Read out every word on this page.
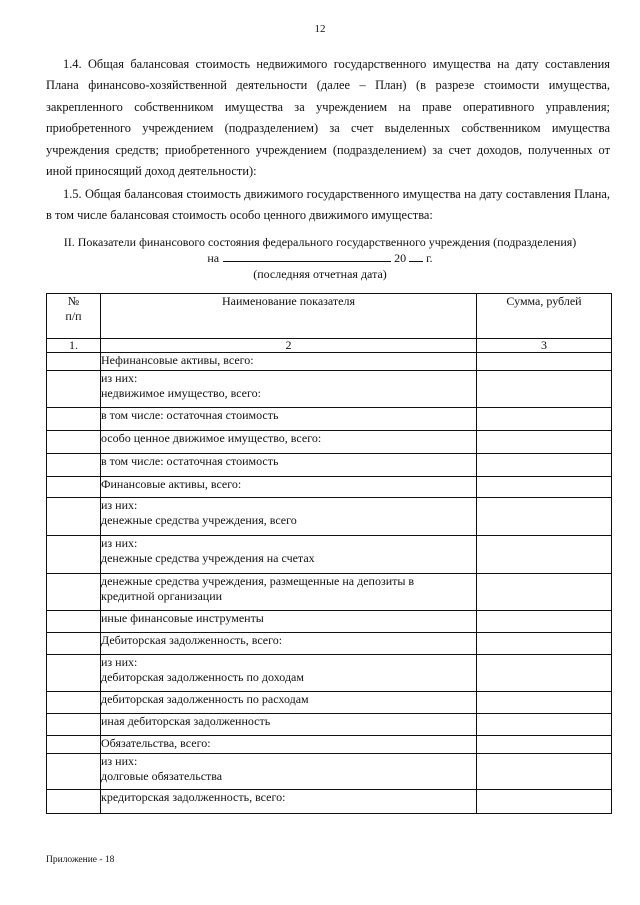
12
1.4. Общая балансовая стоимость недвижимого государственного имущества на дату составления Плана финансово-хозяйственной деятельности (далее – План) (в разрезе стоимости имущества, закрепленного собственником имущества за учреждением на праве оперативного управления; приобретенного учреждением (подразделением) за счет выделенных собственником имущества учреждения средств; приобретенного учреждением (подразделением) за счет доходов, полученных от иной приносящий доход деятельности):
1.5. Общая балансовая стоимость движимого государственного имущества на дату составления Плана, в том числе балансовая стоимость особо ценного движимого имущества:
II. Показатели финансового состояния федерального государственного учреждения (подразделения)
на	20 г.
(последняя отчетная дата)
№
п/п	Наименование показателя	Сумма, рублей
1.	2	3

	Нефинансовые активы, всего:	

	из них:
недвижимое имущество, всего:	

	в том числе: остаточная стоимость	

	особо ценное движимое имущество, всего:	

	в том числе: остаточная стоимость	

	Финансовые активы, всего:	

	из них:
денежные средства учреждения, всего	

	из них:
денежные средства учреждения на счетах	

	денежные средства учреждения, размещенные на депозиты в
кредитной организации	

	иные финансовые инструменты	

	Дебиторская задолженность, всего:	

	из них:
дебиторская задолженность по доходам	

	дебиторская задолженность по расходам	

	иная дебиторская задолженность	

	Обязательства, всего:	

	из них:
долговые обязательства	

	кредиторская задолженность, всего:	

Приложение - 18
